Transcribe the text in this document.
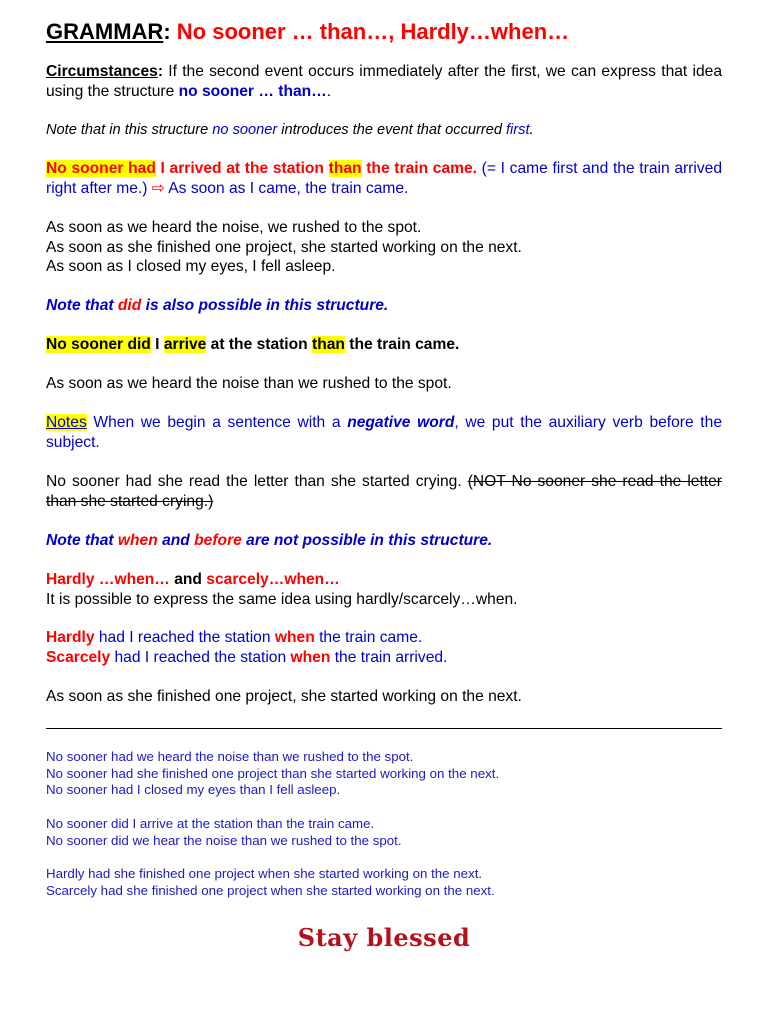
GRAMMAR: No sooner … than…, Hardly…when…
Circumstances: If the second event occurs immediately after the first, we can express that idea using the structure no sooner … than….
Note that in this structure no sooner introduces the event that occurred first.
No sooner had I arrived at the station than the train came. (= I came first and the train arrived right after me.) ⇨ As soon as I came, the train came.
As soon as we heard the noise, we rushed to the spot.
As soon as she finished one project, she started working on the next.
As soon as I closed my eyes, I fell asleep.
Note that did is also possible in this structure.
No sooner did I arrive at the station than the train came.
As soon as we heard the noise than we rushed to the spot.
Notes When we begin a sentence with a negative word, we put the auxiliary verb before the subject.
No sooner had she read the letter than she started crying. (NOT No sooner she read the letter than she started crying.)
Note that when and before are not possible in this structure.
Hardly …when… and scarcely…when…
It is possible to express the same idea using hardly/scarcely…when.
Hardly had I reached the station when the train came.
Scarcely had I reached the station when the train arrived.
As soon as she finished one project, she started working on the next.
No sooner had we heard the noise than we rushed to the spot.
No sooner had she finished one project than she started working on the next.
No sooner had I closed my eyes than I fell asleep.
No sooner did I arrive at the station than the train came.
No sooner did we hear the noise than we rushed to the spot.
Hardly had she finished one project when she started working on the next.
Scarcely had she finished one project when she started working on the next.
Stay blessed
